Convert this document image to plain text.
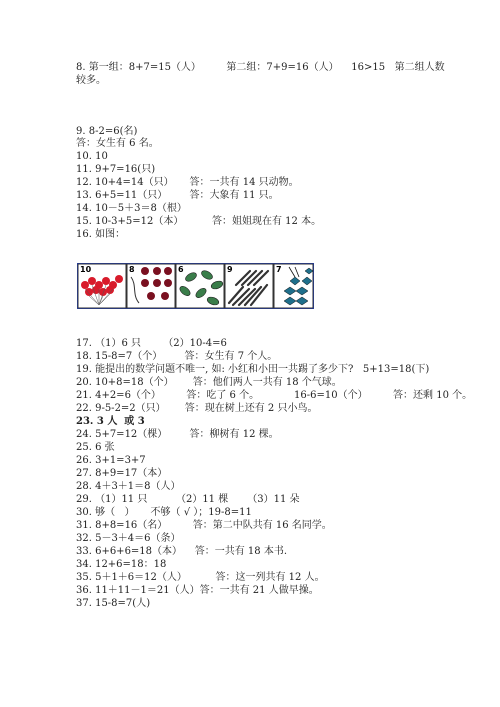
8. 第一组：8+7=15（人）        第二组：7+9=16（人）    16>15   第二组人数
较多。
9. 8-2=6(名)
答：女生有 6 名。
10. 10
11. 9+7=16(只)
12. 10+4=14（只）     答：一共有 14 只动物。
13. 6+5=11（只）       答：大象有 11 只。
14. 10－5＋3＝8（根）
15. 10-3+5=12（本）         答：姐姐现在有 12 本。
16. 如图：
10	8	6	9	7
17. （1）6 只       （2）10-4=6
18. 15-8=7（个）       答：女生有 7 个人。
19. 能提出的数学问题不唯一, 如: 小红和小田一共踢了多少下?   5+13=18(下)
20. 10+8=18（个）      答：他们两人一共有 18 个气球。
21. 4+2=6（个）        答：吃了 6 个。           16-6=10（个）        答：还剩 10 个。
22. 9-5-2=2（只）      答：现在树上还有 2 只小鸟。
23. 3 人  或 3
24. 5+7=12（棵）       答：柳树有 12 棵。
25. 6 张
26. 3+1=3+7
27. 8+9=17（本）
28. 4＋3＋1＝8（人）
29. （1）11 只         （2）11 棵      （3）11 朵
30. 够（   ）     不够（ √ ）；19-8=11
31. 8+8=16（名）        答：第二中队共有 16 名同学。
32. 5－3＋4＝6（条）
33. 6+6+6=18（本）    答：一共有 18 本书.
34. 12+6=18：18
35. 5＋1＋6＝12（人）         答：这一列共有 12 人。
36. 11＋11－1＝21（人）答：一共有 21 人做早操。
37. 15-8=7(人)
